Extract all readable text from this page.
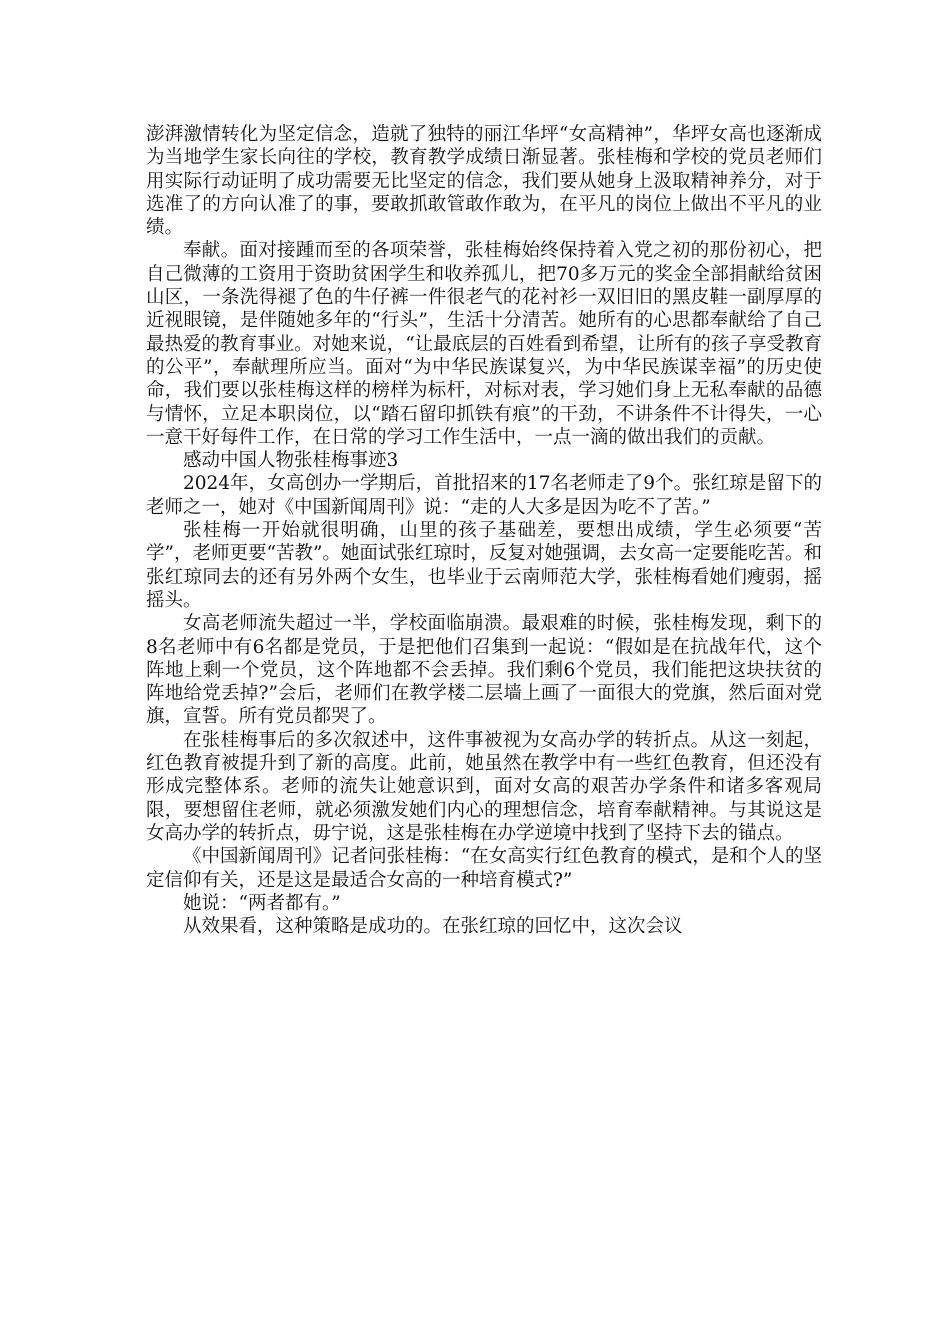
澎湃激情转化为坚定信念，造就了独特的丽江华坪“女高精神”，华坪女高也逐渐成为当地学生家长向往的学校，教育教学成绩日渐显著。张桂梅和学校的党员老师们用实际行动证明了成功需要无比坚定的信念，我们要从她身上汲取精神养分，对于选准了的方向认准了的事，要敢抓敢管敢作敢为，在平凡的岗位上做出不平凡的业绩。

奉献。面对接踵而至的各项荣誉，张桂梅始终保持着入党之初的那份初心，把自己微薄的工资用于资助贫困学生和收养孤儿，把70多万元的奖金全部捐献给贫困山区，一条洗得褪了色的牛仔裤一件很老气的花衬衫一双旧旧的黑皮鞋一副厚厚的近视眼镜，是伴随她多年的“行头”，生活十分清苦。她所有的心思都奉献给了自己最热爱的教育事业。对她来说，“让最底层的百姓看到希望，让所有的孩子享受教育的公平”，奉献理所应当。面对“为中华民族谋复兴，为中华民族谋幸福”的历史使命，我们要以张桂梅这样的榜样为标杆，对标对表，学习她们身上无私奉献的品德与情怀，立足本职岗位，以“踏石留印抓铁有痕”的干劲，不讲条件不计得失，一心一意干好每件工作，在日常的学习工作生活中，一点一滴的做出我们的贡献。

感动中国人物张桂梅事迹3

2024年，女高创办一学期后，首批招来的17名老师走了9个。张红琼是留下的老师之一，她对《中国新闻周刊》说：“走的人大多是因为吃不了苦。”

张桂梅一开始就很明确，山里的孩子基础差，要想出成绩，学生必须要“苦学”，老师更要“苦教”。她面试张红琼时，反复对她强调，去女高一定要能吃苦。和张红琼同去的还有另外两个女生，也毕业于云南师范大学，张桂梅看她们瘦弱，摇摇头。

女高老师流失超过一半，学校面临崩溃。最艰难的时候，张桂梅发现，剩下的8名老师中有6名都是党员，于是把他们召集到一起说：“假如是在抗战年代，这个阵地上剩一个党员，这个阵地都不会丢掉。我们剩6个党员，我们能把这块扶贫的阵地给党丢掉?”会后，老师们在教学楼二层墙上画了一面很大的党旗，然后面对党旗，宣誓。所有党员都哭了。

在张桂梅事后的多次叙述中，这件事被视为女高办学的转折点。从这一刻起，红色教育被提升到了新的高度。此前，她虽然在教学中有一些红色教育，但还没有形成完整体系。老师的流失让她意识到，面对女高的艰苦办学条件和诸多客观局限，要想留住老师，就必须激发她们内心的理想信念，培育奉献精神。与其说这是女高办学的转折点，毋宁说，这是张桂梅在办学逆境中找到了坚持下去的锚点。

《中国新闻周刊》记者问张桂梅：“在女高实行红色教育的模式，是和个人的坚定信仰有关，还是这是最适合女高的一种培育模式?”

她说：“两者都有。”

从效果看，这种策略是成功的。在张红琼的回忆中，这次会议
